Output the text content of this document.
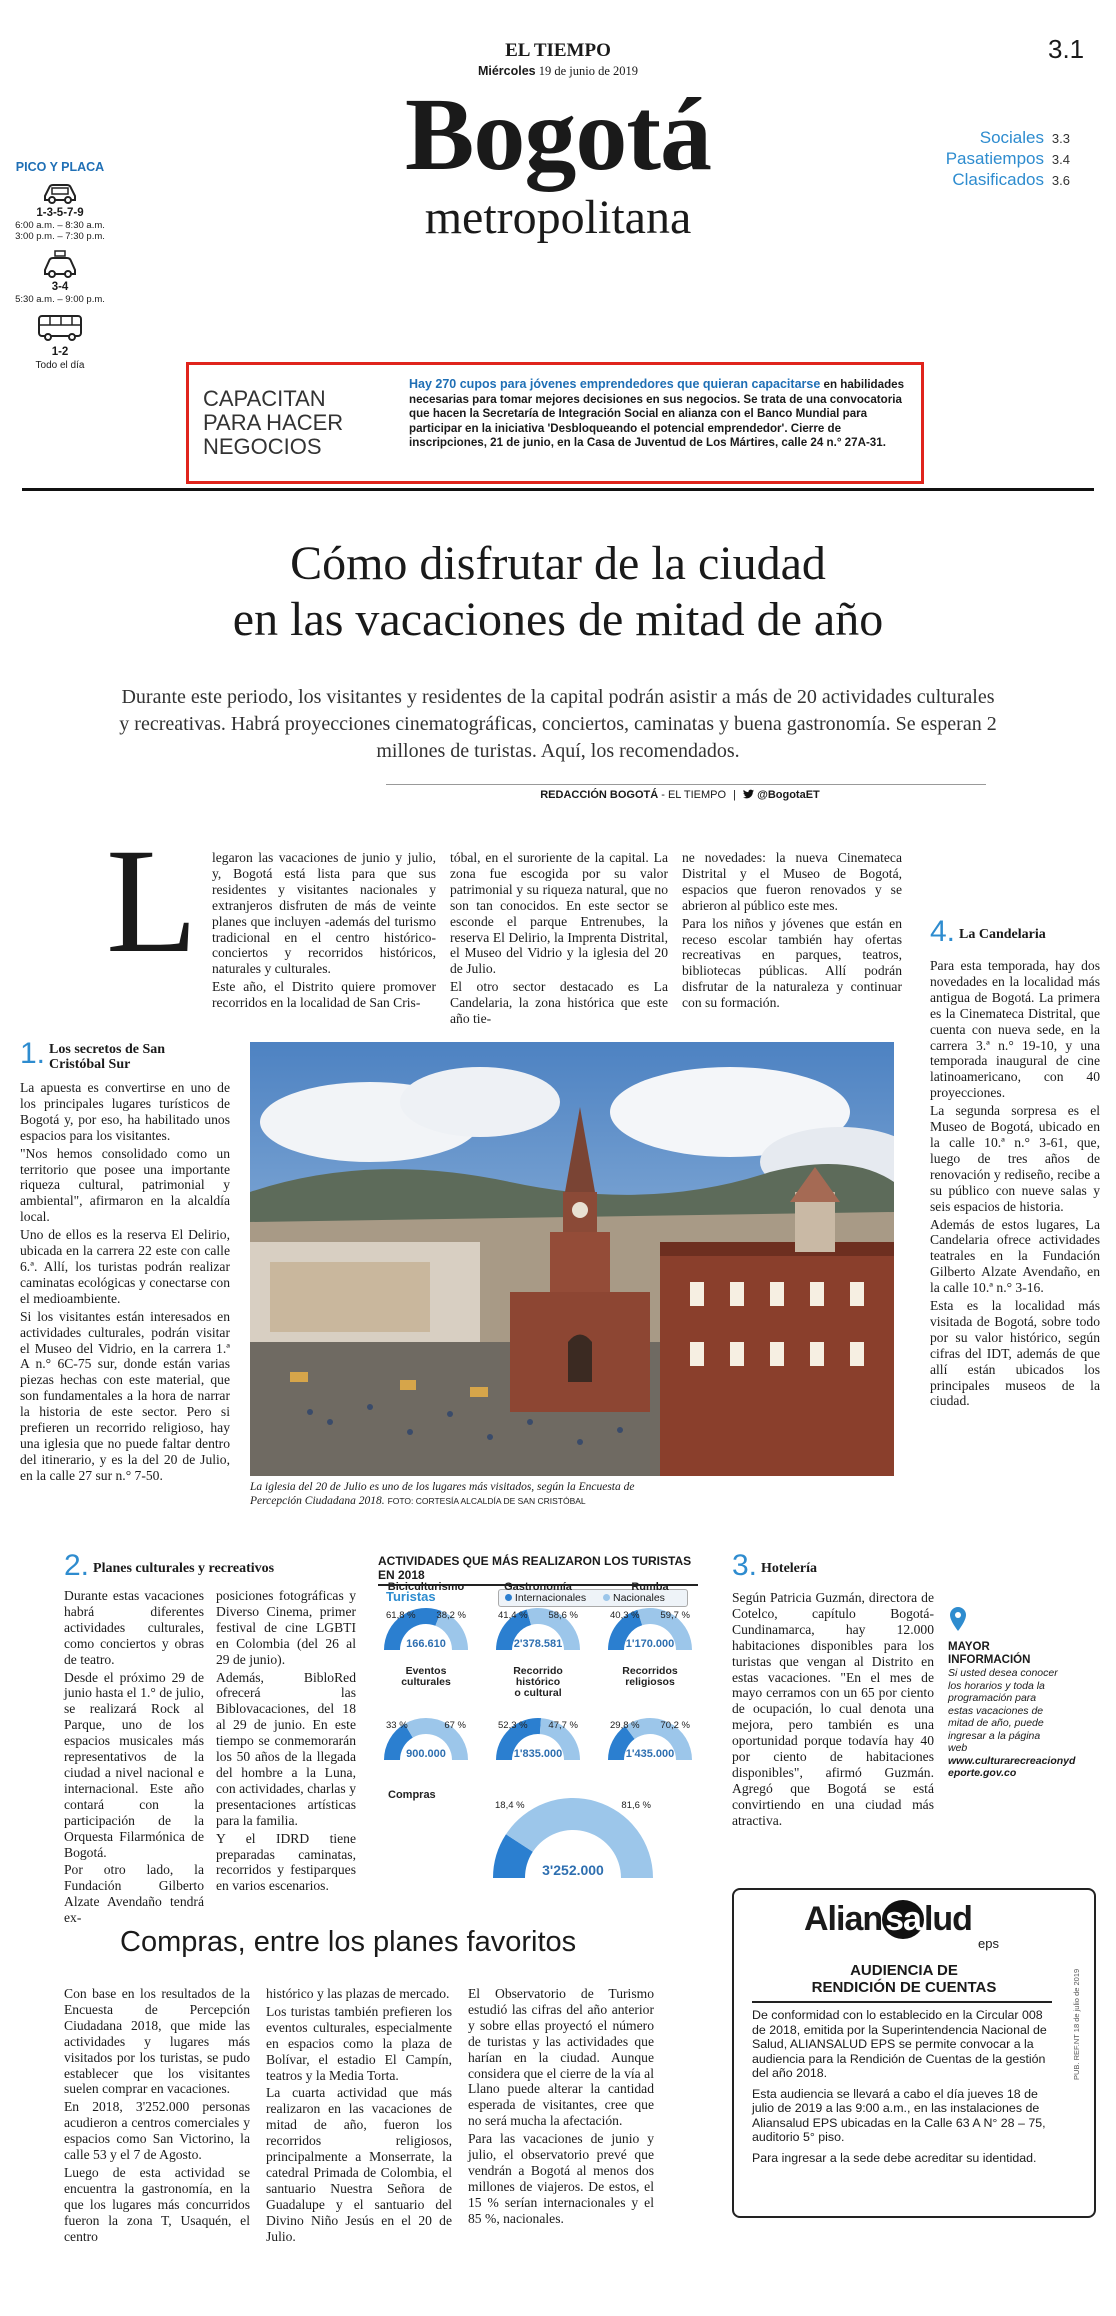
EL TIEMPO
Miércoles 19 de junio de 2019
3.1
Bogotá
metropolitana
Sociales 3.3
Pasatiempos 3.4
Clasificados 3.6
PICO Y PLACA
1-3-5-7-9
6:00 a.m. – 8:30 a.m.
3:00 p.m. – 7:30 p.m.
3-4
5:30 a.m. – 9:00 p.m.
1-2
Todo el día
CAPACITAN PARA HACER NEGOCIOS
Hay 270 cupos para jóvenes emprendedores que quieran capacitarse en habilidades necesarias para tomar mejores decisiones en sus negocios. Se trata de una convocatoria que hacen la Secretaría de Integración Social en alianza con el Banco Mundial para participar en la iniciativa 'Desbloqueando el potencial emprendedor'. Cierre de inscripciones, 21 de junio, en la Casa de Juventud de Los Mártires, calle 24 n.° 27A-31.
Cómo disfrutar de la ciudad
en las vacaciones de mitad de año
Durante este periodo, los visitantes y residentes de la capital podrán asistir a más de 20 actividades culturales y recreativas. Habrá proyecciones cinematográficas, conciertos, caminatas y buena gastronomía. Se esperan 2 millones de turistas. Aquí, los recomendados.
REDACCIÓN BOGOTÁ - EL TIEMPO | @BogotaET
L legaron las vacaciones de junio y julio, y, Bogotá está lista para que sus residentes y visitantes nacionales y extranjeros disfruten de más de veinte planes que incluyen -además del turismo tradicional en el centro histórico- conciertos y recorridos históricos, naturales y culturales.

Este año, el Distrito quiere promover recorridos en la localidad de San Cris-

tóbal, en el suroriente de la capital. La zona fue escogida por su valor patrimonial y su riqueza natural, que no son tan conocidos. En este sector se esconde el parque Entrenubes, la reserva El Delirio, la Imprenta Distrital, el Museo del Vidrio y la iglesia del 20 de Julio.

El otro sector destacado es La Candelaria, la zona histórica que este año tie-

ne novedades: la nueva Cinemateca Distrital y el Museo de Bogotá, espacios que fueron renovados y se abrieron al público este mes.

Para los niños y jóvenes que están en receso escolar también hay ofertas recreativas en parques, teatros, bibliotecas públicas. Allí podrán disfrutar de la naturaleza y continuar con su formación.

1. Los secretos de San Cristóbal Sur

La apuesta es convertirse en uno de los principales lugares turísticos de Bogotá y, por eso, ha habilitado unos espacios para los visitantes.

"Nos hemos consolidado como un territorio que posee una importante riqueza cultural, patrimonial y ambiental", afirmaron en la alcaldía local.

Uno de ellos es la reserva El Delirio, ubicada en la carrera 22 este con calle 6.ª. Allí, los turistas podrán realizar caminatas ecológicas y conectarse con el medioambiente.

Si los visitantes están interesados en actividades culturales, podrán visitar el Museo del Vidrio, en la carrera 1.ª A n.° 6C-75 sur, donde están varias piezas hechas con este material, que son fundamentales a la hora de narrar la historia de este sector. Pero si prefieren un recorrido religioso, hay una iglesia que no puede faltar dentro del itinerario, y es la del 20 de Julio, en la calle 27 sur n.° 7-50.

La iglesia del 20 de Julio es uno de los lugares más visitados, según la Encuesta de Percepción Ciudadana 2018. FOTO: CORTESÍA ALCALDÍA DE SAN CRISTÓBAL
4. La Candelaria

Para esta temporada, hay dos novedades en la localidad más antigua de Bogotá. La primera es la Cinemateca Distrital, que cuenta con nueva sede, en la carrera 3.ª n.° 19-10, y una temporada inaugural de cine latinoamericano, con 40 proyecciones.

La segunda sorpresa es el Museo de Bogotá, ubicado en la calle 10.ª n.° 3-61, que, luego de tres años de renovación y rediseño, recibe a su público con nueve salas y seis espacios de historia.

Además de estos lugares, La Candelaria ofrece actividades teatrales en la Fundación Gilberto Alzate Avendaño, en la calle 10.ª n.° 3-16.

Esta es la localidad más visitada de Bogotá, sobre todo por su valor histórico, según cifras del IDT, además de que allí están ubicados los principales museos de la ciudad.

2. Planes culturales y recreativos

Durante estas vacaciones habrá diferentes actividades culturales, como conciertos y obras de teatro.

Desde el próximo 29 de junio hasta el 1.° de julio, se realizará Rock al Parque, uno de los espacios musicales más representativos de la ciudad a nivel nacional e internacional. Este año contará con la participación de la Orquesta Filarmónica de Bogotá.

Por otro lado, la Fundación Gilberto Alzate Avendaño tendrá ex-

posiciones fotográficas y Diverso Cinema, primer festival de cine LGBTI en Colombia (del 26 al 29 de junio).

Además, BibloRed ofrecerá las Biblovacaciones, del 18 al 29 de junio. En este tiempo se conmemorarán los 50 años de la llegada del hombre a la Luna, con actividades, charlas y presentaciones artísticas para la familia.

Y el IDRD tiene preparadas caminatas, recorridos y festiparques en varios escenarios.

ACTIVIDADES QUE MÁS REALIZARON LOS TURISTAS EN 2018
Turistas	Internacionales	Nacionales
Biciculturismo
61,8 % 38,2 %
166.610
Gastronomía
41,4 % 58,6 %
2'378.581
Rumba
40,3 % 59,7 %
1'170.000
Eventos
culturales
33 %	67 %
900.000
Recorrido
histórico
o cultural
52,3 % 47,7 %
1'835.000
Recorridos
religiosos
29,8 % 70,2 %
1'435.000
Compras
18,4 %	81,6 %
3'252.000
3. Hotelería
Según Patricia Guzmán, directora de Cotelco, capítulo Bogotá-Cundinamarca, hay 12.000 habitaciones disponibles para los turistas que vengan al Distrito en estas vacaciones. "En el mes de mayo cerramos con un 65 por ciento de ocupación, lo cual denota una mejora, pero también es una oportunidad porque todavía hay 40 por ciento de habitaciones disponibles", afirmó Guzmán. Agregó que Bogotá se está convirtiendo en una ciudad más atractiva.
MAYOR INFORMACIÓN
Si usted desea conocer los horarios y toda la programación para estas vacaciones de mitad de año, puede ingresar a la página web
www.culturarecreacionydeporte.gov.co
Compras, entre los planes favoritos

Con base en los resultados de la Encuesta de Percepción Ciudadana 2018, que mide las actividades y lugares más visitados por los turistas, se pudo establecer que los visitantes suelen comprar en vacaciones.

En 2018, 3'252.000 personas acudieron a centros comerciales y espacios como San Victorino, la calle 53 y el 7 de Agosto.

Luego de esta actividad se encuentra la gastronomía, en la que los lugares más concurridos fueron la zona T, Usaquén, el centro

histórico y las plazas de mercado.

Los turistas también prefieren los eventos culturales, especialmente en espacios como la plaza de Bolívar, el estadio El Campín, teatros y la Media Torta.

La cuarta actividad que más realizaron en las vacaciones de mitad de año, fueron los recorridos religiosos, principalmente a Monserrate, la catedral Primada de Colombia, el santuario Nuestra Señora de Guadalupe y el santuario del Divino Niño Jesús en el 20 de Julio.

El Observatorio de Turismo estudió las cifras del año anterior y sobre ellas proyectó el número de turistas y las actividades que harían en la ciudad. Aunque considera que el cierre de la vía al Llano puede alterar la cantidad esperada de visitantes, cree que no será mucha la afectación.

Para las vacaciones de junio y julio, el observatorio prevé que vendrán a Bogotá al menos dos millones de viajeros. De estos, el 15 % serían internacionales y el 85 %, nacionales.

Aliansalud
eps
AUDIENCIA DE
RENDICIÓN DE CUENTAS

De conformidad con lo establecido en la Circular 008 de 2018, emitida por la Superintendencia Nacional de Salud, ALIANSALUD EPS se permite convocar a la audiencia para la Rendición de Cuentas de la gestión del año 2018.

Esta audiencia se llevará a cabo el día jueves 18 de julio de 2019 a las 9:00 a.m., en las instalaciones de Aliansalud EPS ubicadas en la Calle 63 A N° 28 – 75, auditorio 5° piso.

Para ingresar a la sede debe acreditar su identidad.

PUB. REF.NT 18 de julio de 2019
